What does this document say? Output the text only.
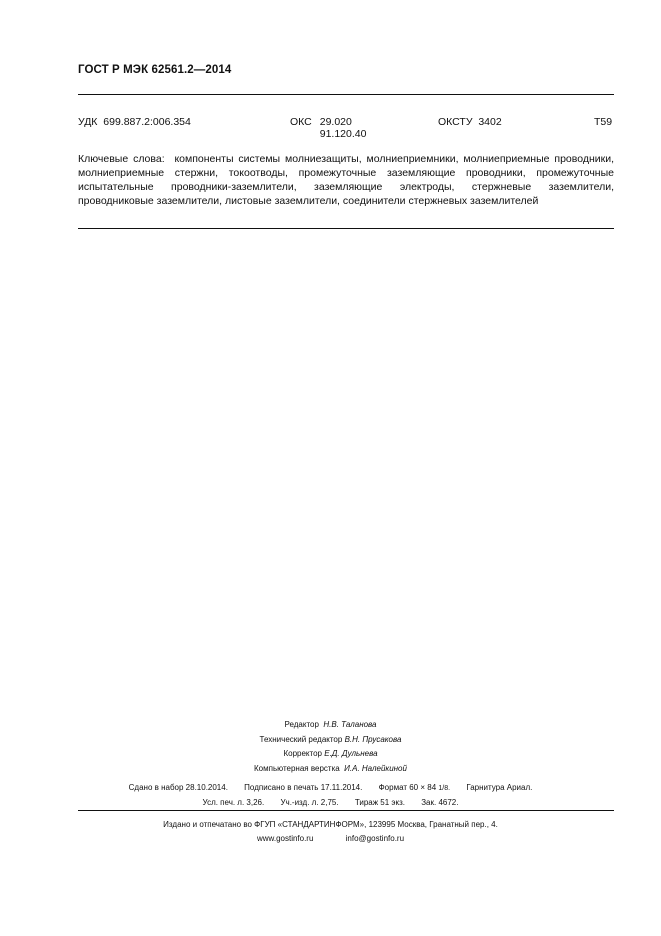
ГОСТ Р МЭК 62561.2—2014
УДК 699.887.2:006.354	ОКС 29.020
91.120.40
ОКСТУ 3402	Т59
Ключевые слова: компоненты системы молниезащиты, молниеприемники, молниеприемные проводники, молниеприемные стержни, токоотводы, промежуточные заземляющие проводники, промежуточные испытательные проводники-заземлители, заземляющие электроды, стержневые заземлители, проводниковые заземлители, листовые заземлители, соединители стержневых заземлителей
Редактор Н.В. Таланова
Технический редактор В.Н. Прусакова
Корректор Е.Д. Дульнева
Компьютерная верстка И.А. Налейкиной
Сдано в набор 28.10.2014. Подписано в печать 17.11.2014. Формат 60 × 84 1/8. Гарнитура Ариал.
Усл. печ. л. 3,26. Уч.-изд. л. 2,75. Тираж 51 экз. Зак. 4672.
Издано и отпечатано во ФГУП «СТАНДАРТИНФОРМ», 123995 Москва, Гранатный пер., 4.
www.gostinfo.ru	info@gostinfo.ru
